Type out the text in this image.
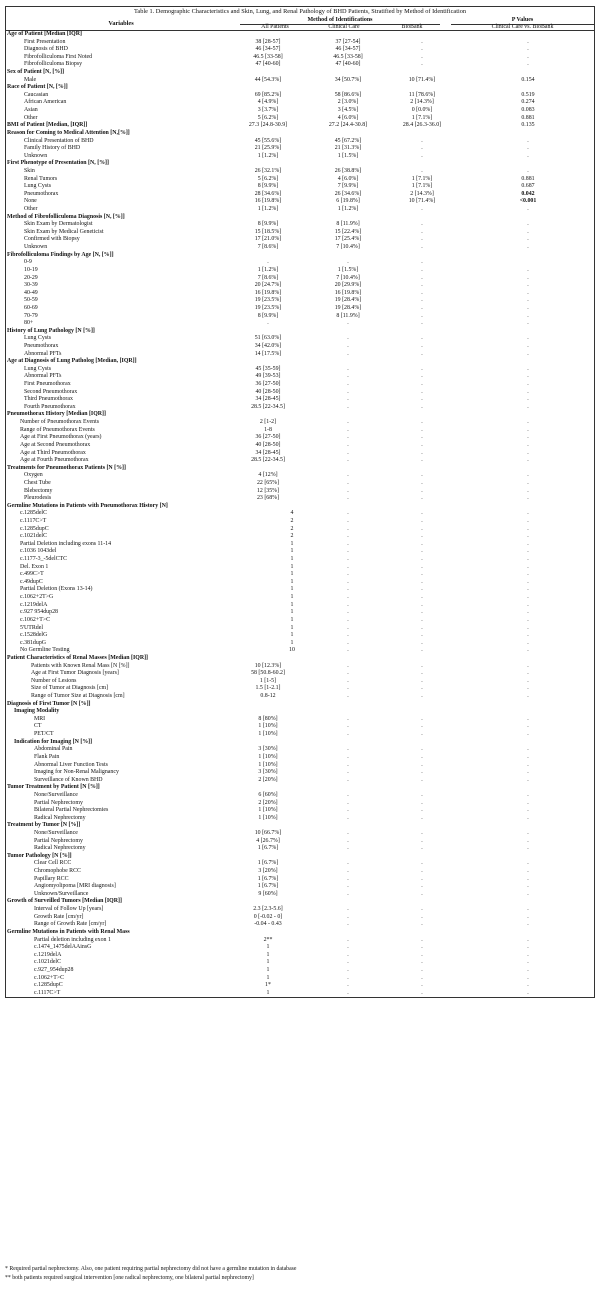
Table 1. Demographic Characteristics and Skin, Lung, and Renal Pathology of BHD Patients, Stratified by Method of Identification
Variables	Method of Identifications	P Values
All Patients	Clinical Care	BioBank	Clinical Care vs. BioBank
Age of Patient [Median [IQR]
First Presentation	38 [28-57]	37 [27-54]	.	.
Diagnosis of BHD	46 [34-57]	46 [34-57]	.	.
Fibrofolliculoma First Noted	46.5 [33-58]	46.5 [33-58]	.	.
Fibrofolliculoma Biopsy	47 [40-60]	47 [40-60]	.	.
Sex of Patient [N, [%]]
Male	44 [54.3%]	34 [50.7%]	10 [71.4%]	0.154
Race of Patient [N, [%]]
Caucasian	69 [85.2%]	58 [86.6%]	11 [78.6%]	0.519
African American	4 [4.9%]	2 [3.0%]	2 [14.3%]	0.274
Asian	3 [3.7%]	3 [4.5%]	0 [0.0%]	0.083
Other	5 [6.2%]	4 [6.0%]	1 [7.1%]	0.881
BMI of Patient [Median, [IQR]]	27.3 [24.8-30.9]	27.2 [24.4-30.8]	28.4 [26.3-36.0]	0.135
Reason for Coming to Medical Attention [N,[%]]
Clinical Presentation of BHD	45 [55.6%]	45 [67.2%]	.	.
Family History of BHD	21 [25.9%]	21 [31.3%]	.	.
Unknown	1 [1.2%]	1 [1.5%]	.	.
First Phenotype of Presentation [N, [%]]
Skin	26 [32.1%]	26 [38.8%]	.	.
Renal Tumors	5 [6.2%]	4 [6.0%]	1 [7.1%]	0.881
Lung Cysts	8 [9.9%]	7 [9.9%]	1 [7.1%]	0.687
Pneumothorax	28 [34.6%]	26 [34.6%]	2 [14.3%]	0.042
None	16 [19.8%]	6 [19.8%]	10 [71.4%]	<0.001
Other	1 [1.2%]	1 [1.2%]	.	.
Method of Fibrofolliculoma Diagnosis [N, [%]]
Skin Exam by Dermatologist	8 [9.9%]	8 [11.9%]	.	.
Skin Exam by Medical Geneticist	15 [18.5%]	15 [22.4%]	.	.
Confirmed with Biopsy	17 [21.0%]	17 [25.4%]	.	.
Unknown	7 [8.6%]	7 [10.4%]	.	.
Fibrofolliculoma Findings by Age [N, [%]]
0-9	.	.	.
10-19	1 [1.2%]	1 [1.5%]	.	.
20-29	7 [8.6%]	7 [10.4%]	.	.
30-39	20 [24.7%]	20 [29.9%]	.	.
40-49	16 [19.8%]	16 [19.8%]	.	.
50-59	19 [23.5%]	19 [28.4%]	.	.
60-69	19 [23.5%]	19 [28.4%]	.	.
70-79	8 [9.9%]	8 [11.9%]	.	.
80+	.	.	.	.
History of Lung Pathology [N [%]]
Lung Cysts	51 [63.0%]	.	.	.
Pneumothorax	34 [42.0%]	.	.	.
Abnormal PFTs	14 [17.5%]	.	.	.
Age at Diagnosis of Lung Patholog [Median, [IQR]]
Lung Cysts	45 [35-59]	.	.	.
Abnormal PFTs	49 [39-53]	.	.	.
First Pneumothorax	36 [27-50]	.	.	.
Second Pneumothorax	40 [28-50]	.	.	.
Third Pneumothorax	34 [28-45]	.	.	.
Fourth Pneumothorax	28.5 [22-34.5]	.	.	.
Pneumothorax History [Median [IQR]]
Number of Pneumothorax Events	2 [1-2]	.	.	.
Range of Pneumothorax Events	1-8	.	.	.
Age at First Pneumothorax (years)	36 [27-50]	.	.	.
Age at Second Pneumothorax	40 [28-50]	.	.	.
Age at Third Pneumothorax	34 [28-45]	.	.	.
Age at Fourth Pneumothorax	28.5 [22-34.5]	.	.	.
Treatments for Pneumothorax Patients [N [%]]
Oxygen	4 [12%]	.	.	.
Chest Tube	22 [65%]	.	.	.
Blebectomy	12 [35%]	.	.	.
Pleurodesis	23 [68%]	.	.	.
Germline Mutations in Patients with Pneumothorax History [N]
c.1285delC	4	.	.	.
c.1117C>T	2	.	.	.
c.1285dupC	2	.	.	.
c.1021delC	2	.	.	.
Partial Deletion including exons 11-14	1	.	.	.
c.1036 1043del	1	.	.	.
c.1177-3_-5delCTC	1	.	.	.
Del. Exon 1	1	.	.	.
c.499C>T	1	.	.	.
c.49dupC	1	.	.	.
Partial Deletion (Exons 13-14)	1	.	.	.
c.1062+2T>G	1	.	.	.
c.1219delA	1	.	.	.
c.927 954dup28	1	.	.	.
c.1062+T>C	1	.	.	.
5'UTRdel	1	.	.	.
c.1528delG	1	.	.	.
c.381dupG	1	.	.	.
No Germline Testing	10	.	.	.
Patient Characteristics of Renal Masses [Median [IQR]]
Patients with Known Renal Mass [N [%]]	10 [12.3%]	.	.	.
Age at First Tumor Diagnosis [years]	58 [50.8-60.2]	.	.	.
Number of Lesions	1 [1-5]	.	.	.
Size of Tumor at Diagnosis [cm]	1.5 [1-2.1]	.	.	.
Range of Tumor Size at Diagnosis [cm]	0.8-12	.	.	.
Diagnosis of First Tumor [N [%]]
Imaging Modality
MRI	8 [80%]	.	.	.
CT	1 [10%]	.	.	.
PET/CT	1 [10%]	.	.	.
Indication for Imaging [N [%]]
Abdominal Pain	3 [30%]	.	.	.
Flank Pain	1 [10%]	.	.	.
Abnormal Liver Function Tests	1 [10%]	.	.	.
Imaging for Non-Renal Malignancy	3 [30%]	.	.	.
Surveillance of Known BHD	2 [20%]	.	.	.
Tumor Treatment by Patient [N [%]]
None/Surveillance	6 [60%]	.	.	.
Partial Nephrectomy	2 [20%]	.	.	.
Bilateral Partial Nephrectomies	1 [10%]	.	.	.
Radical Nephrectomy	1 [10%]	.	.	.
Treatment by Tumor [N [%]]
None/Surveillance	10 [66.7%]	.	.	.
Partial Nephrectomy	4 [26.7%]	.	.	.
Radical Nephrectomy	1 [6.7%]	.	.	.
Tumor Pathology [N [%]]
Clear Cell RCC	1 [6.7%]	.	.	.
Chromophobe RCC	3 [20%]	.	.	.
Papillary RCC	1 [6.7%]	.	.	.
Angiomyolipoma [MRI diagnosis]	1 [6.7%]	.	.	.
Unknown/Surveillance	9 [60%]	.	.	.
Growth of Surveilled Tumors [Median [IQR]]
Interval of Follow Up [years]	2.3 [2.3-5.6]	.	.	.
Growth Rate [cm/yr]	0 [-0.02 - 0]	.	.	.
Range of Growth Rate [cm/yr]	-0.04 - 0.43	.	.	.
Germline Mutations in Patients with Renal Mass
Partial deletion including exon 1	2**	.	.	.
c.1474_1475delAAinsG	1	.	.	.
c.1219delA	1	.	.	.
c.1021delC	1	.	.	.
c.927_954dup28	1	.	.	.
c.1062+T>C	1	.	.	.
c.1285dupC	1*	.	.	.
c.1117C>T	1	.	.	.
* Required partial nephrectomy. Also, one patient requiring partial nephrectomy did not have a germline mutation in database
** both patients required surgical intervention [one radical nephrectomy, one bilateral partial nephrectomy]
